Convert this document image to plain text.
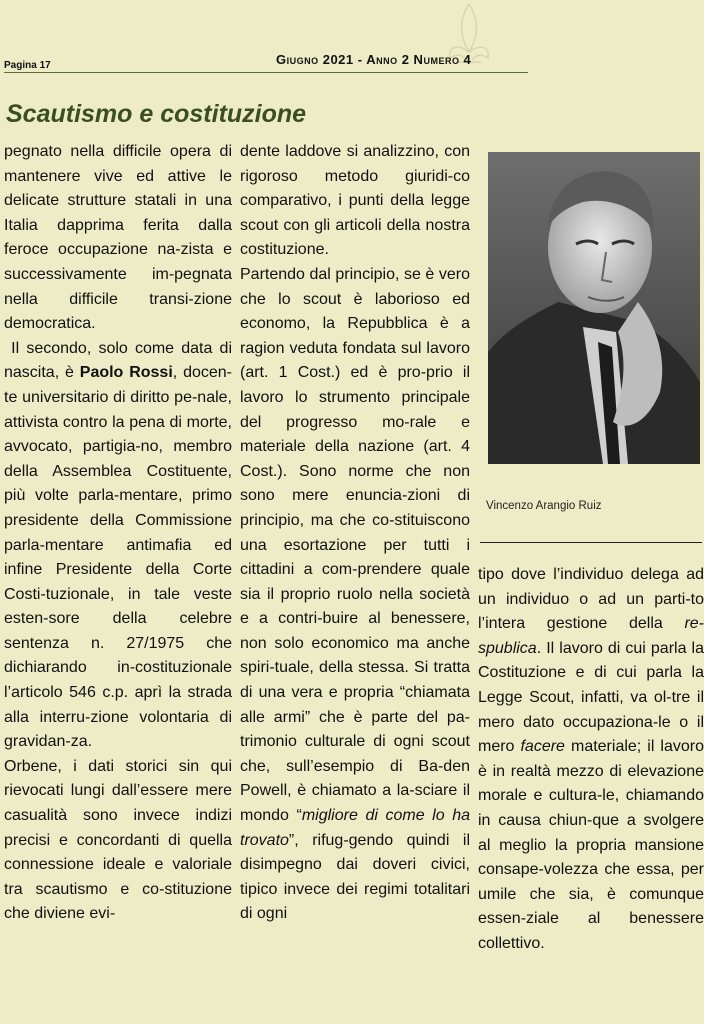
Pagina 17	Giugno 2021 - Anno 2 Numero 4
Scautismo e costituzione

pegnato nella difficile opera di mantenere vive ed attive le delicate strutture statali in una Italia dapprima ferita dalla feroce occupazione na-zista e successivamente im-pegnata nella difficile transi-zione democratica.

Il secondo, solo come data di nascita, è Paolo Rossi, docen-te universitario di diritto pe-nale, attivista contro la pena di morte, avvocato, partigia-no, membro della Assemblea Costituente, più volte parla-mentare, primo presidente della Commissione parla-mentare antimafia ed infine Presidente della Corte Costi-tuzionale, in tale veste esten-sore della celebre sentenza n. 27/1975 che dichiarando in-costituzionale l’articolo 546 c.p. aprì la strada alla interru-zione volontaria di gravidan-za.

Orbene, i dati storici sin qui rievocati lungi dall’essere mere casualità sono invece indizi precisi e concordanti di quella connessione ideale e valoriale tra scautismo e co-stituzione che diviene evi-

dente laddove si analizzino, con rigoroso metodo giuridi-co comparativo, i punti della legge scout con gli articoli della nostra costituzione.

Partendo dal principio, se è vero che lo scout è laborioso ed economo, la Repubblica è a ragion veduta fondata sul lavoro (art. 1 Cost.) ed è pro-prio il lavoro lo strumento principale del progresso mo-rale e materiale della nazione (art. 4 Cost.). Sono norme che non sono mere enuncia-zioni di principio, ma che co-stituiscono una esortazione per tutti i cittadini a com-prendere quale sia il proprio ruolo nella società e a contri-buire al benessere, non solo economico ma anche spiri-tuale, della stessa. Si tratta di una vera e propria “chiamata alle armi” che è parte del pa-trimonio culturale di ogni scout che, sull’esempio di Ba-den Powell, è chiamato a la-sciare il mondo “migliore di come lo ha trovato”, rifug-gendo quindi il disimpegno dai doveri civici, tipico invece dei regimi totalitari di ogni

Vincenzo Arangio Ruiz

tipo dove l’individuo delega ad un individuo o ad un parti-to l’intera gestione della re-spublica. Il lavoro di cui parla la Costituzione e di cui parla la Legge Scout, infatti, va ol-tre il mero dato occupaziona-le o il mero facere materiale; il lavoro è in realtà mezzo di elevazione morale e cultura-le, chiamando in causa chiun-que a svolgere al meglio la propria mansione consape-volezza che essa, per umile che sia, è comunque essen-ziale al benessere collettivo.
